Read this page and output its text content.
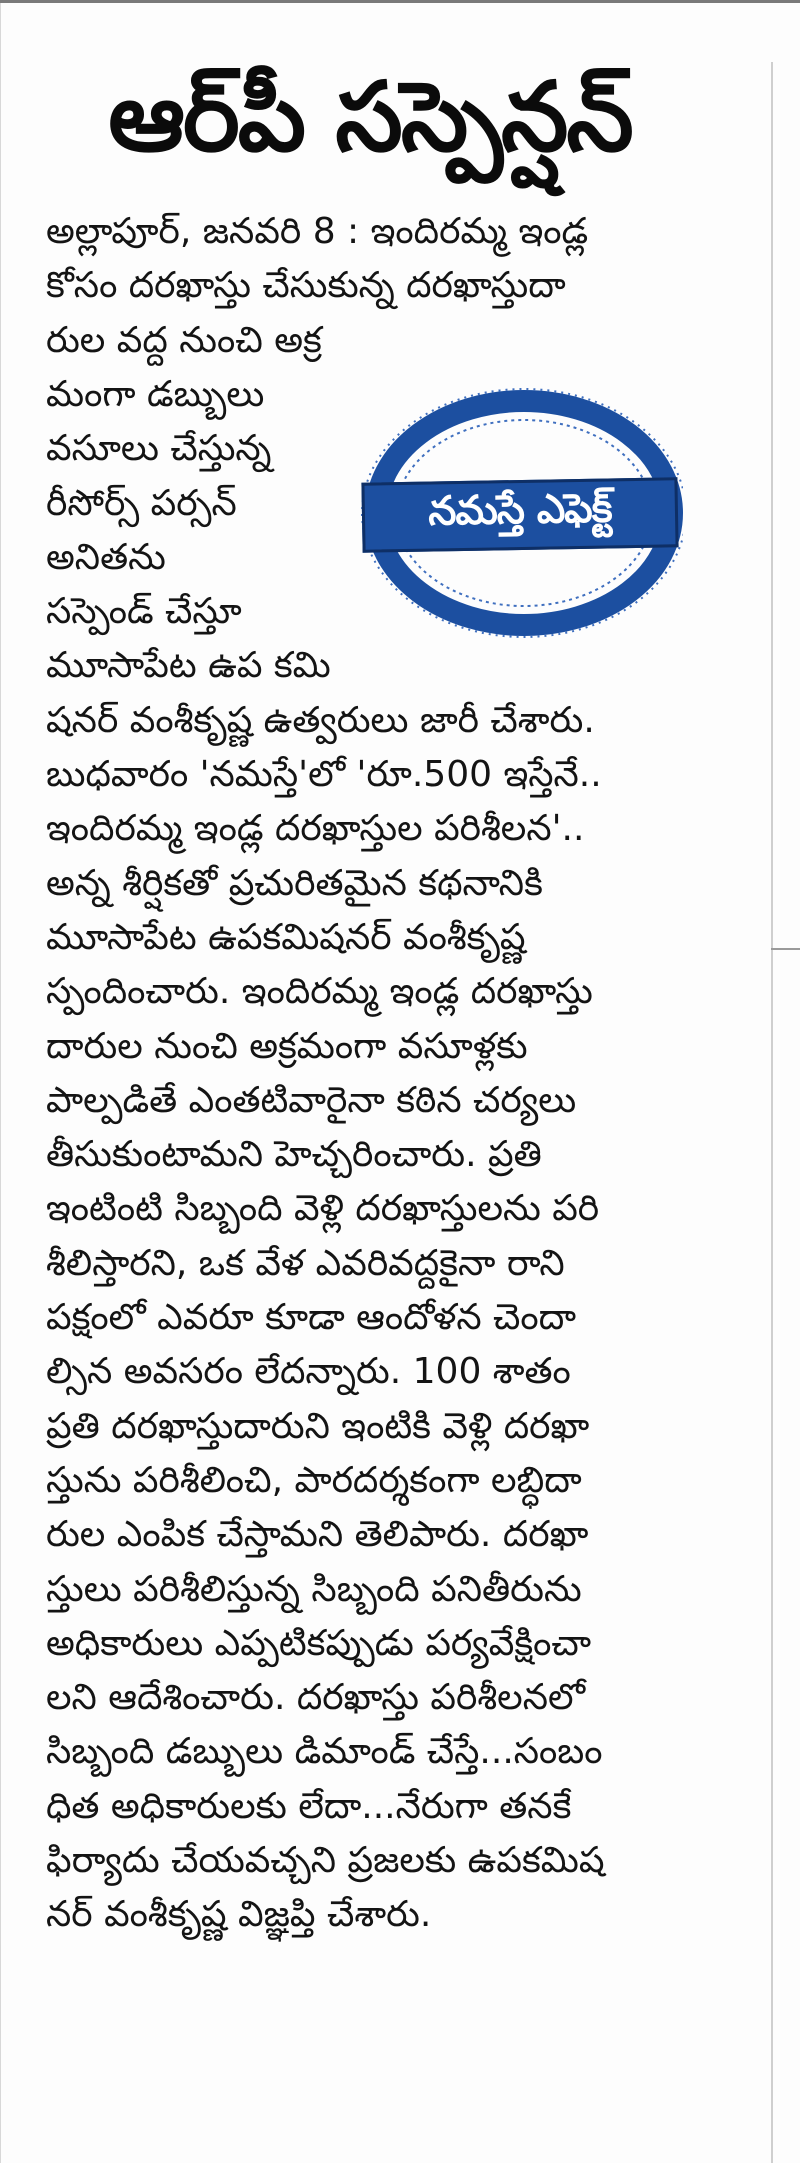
ఆర్‌పీ సస్పెన్షన్‌
నమస్తే ఎఫెక్ట్
అల్లాపూర్‌, జనవరి 8 : ఇందిరమ్మ ఇండ్ల
కోసం దరఖాస్తు చేసుకున్న దరఖాస్తుదా
రుల వద్ద నుంచి అక్ర
మంగా డబ్బులు
వసూలు చేస్తున్న
రీసోర్స్‌ పర్సన్‌
అనితను
సస్పెండ్‌ చేస్తూ
మూసాపేట ఉప కమి
షనర్‌ వంశీకృష్ణ ఉత్వరులు జారీ చేశారు.
బుధవారం 'నమస్తే'లో 'రూ.500 ఇస్తేనే..
ఇందిరమ్మ ఇండ్ల దరఖాస్తుల పరిశీలన'..
అన్న శీర్షికతో ప్రచురితమైన కథనానికి
మూసాపేట ఉపకమిషనర్‌ వంశీకృష్ణ
స్పందించారు. ఇందిరమ్మ ఇండ్ల దరఖాస్తు
దారుల నుంచి అక్రమంగా వసూళ్లకు
పాల్పడితే ఎంతటివారైనా కఠిన చర్యలు
తీసుకుంటామని హెచ్చరించారు. ప్రతి
ఇంటింటి సిబ్బంది వెళ్లి దరఖాస్తులను పరి
శీలిస్తారని, ఒక వేళ ఎవరివద్దకైనా రాని
పక్షంలో ఎవరూ కూడా ఆందోళన చెందా
ల్సిన అవసరం లేదన్నారు. 100 శాతం
ప్రతి దరఖాస్తుదారుని ఇంటికి వెళ్లి దరఖా
స్తును పరిశీలించి, పారదర్శకంగా లబ్ధిదా
రుల ఎంపిక చేస్తామని తెలిపారు. దరఖా
స్తులు పరిశీలిస్తున్న సిబ్బంది పనితీరును
అధికారులు ఎప్పటికప్పుడు పర్యవేక్షించా
లని ఆదేశించారు. దరఖాస్తు పరిశీలనలో
సిబ్బంది డబ్బులు డిమాండ్‌ చేస్తే...సంబం
ధిత అధికారులకు లేదా...నేరుగా తనకే
ఫిర్యాదు చేయవచ్చని ప్రజలకు ఉపకమిష
నర్‌ వంశీకృష్ణ విజ్ఞప్తి చేశారు.
